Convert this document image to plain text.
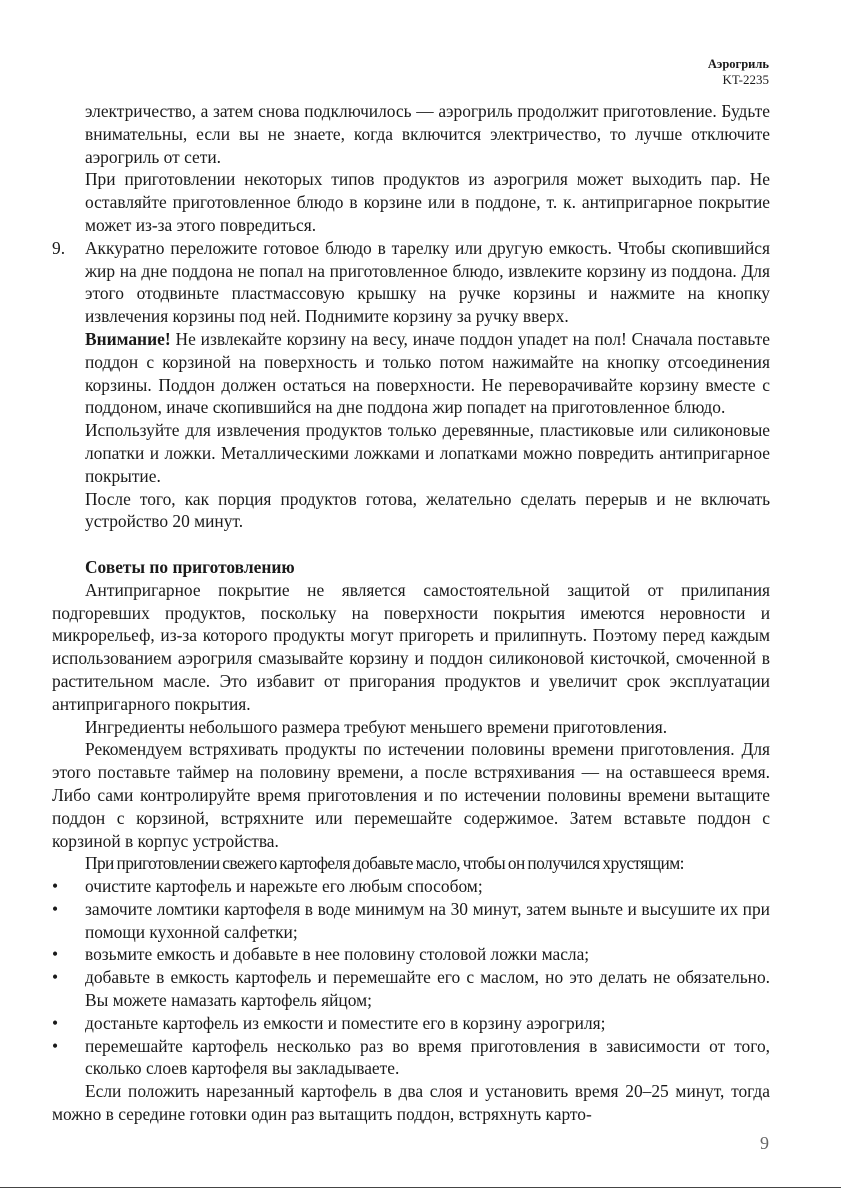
Аэрогриль
KT-2235

электричество, а затем снова подключилось — аэрогриль продолжит приготовление. Будьте внимательны, если вы не знаете, когда включится электричество, то лучше отключите аэрогриль от сети.

При приготовлении некоторых типов продуктов из аэрогриля может выходить пар. Не оставляйте приготовленное блюдо в корзине или в поддоне, т. к. антипригарное покрытие может из-за этого повредиться.

9. Аккуратно переложите готовое блюдо в тарелку или другую емкость. Чтобы скопившийся жир на дне поддона не попал на приготовленное блюдо, извлеките корзину из поддона. Для этого отодвиньте пластмассовую крышку на ручке корзины и нажмите на кнопку извлечения корзины под ней. Поднимите корзину за ручку вверх.

Внимание! Не извлекайте корзину на весу, иначе поддон упадет на пол! Сначала поставьте поддон с корзиной на поверхность и только потом нажимайте на кнопку отсоединения корзины. Поддон должен остаться на поверхности. Не переворачивайте корзину вместе с поддоном, иначе скопившийся на дне поддона жир попадет на приготовленное блюдо.

Используйте для извлечения продуктов только деревянные, пластиковые или силиконовые лопатки и ложки. Металлическими ложками и лопатками можно повредить антипригарное покрытие.

После того, как порция продуктов готова, желательно сделать перерыв и не включать устройство 20 минут.

Советы по приготовлению

Антипригарное покрытие не является самостоятельной защитой от прилипания подгоревших продуктов, поскольку на поверхности покрытия имеются неровности и микрорельеф, из-за которого продукты могут пригореть и прилипнуть. Поэтому перед каждым использованием аэрогриля смазывайте корзину и поддон силиконовой кисточкой, смоченной в растительном масле. Это избавит от пригорания продуктов и увеличит срок эксплуатации антипригарного покрытия.

Ингредиенты небольшого размера требуют меньшего времени приготовления.

Рекомендуем встряхивать продукты по истечении половины времени приготовления. Для этого поставьте таймер на половину времени, а после встряхивания — на оставшееся время. Либо сами контролируйте время приготовления и по истечении половины времени вытащите поддон с корзиной, встряхните или перемешайте содержимое. Затем вставьте поддон с корзиной в корпус устройства.

При приготовлении свежего картофеля добавьте масло, чтобы он получился хрустящим:

• очистите картофель и нарежьте его любым способом;

• замочите ломтики картофеля в воде минимум на 30 минут, затем выньте и высушите их при помощи кухонной салфетки;

• возьмите емкость и добавьте в нее половину столовой ложки масла;

• добавьте в емкость картофель и перемешайте его с маслом, но это делать не обязательно. Вы можете намазать картофель яйцом;

• достаньте картофель из емкости и поместите его в корзину аэрогриля;

• перемешайте картофель несколько раз во время приготовления в зависимости от того, сколько слоев картофеля вы закладываете.

Если положить нарезанный картофель в два слоя и установить время 20–25 минут, тогда можно в середине готовки один раз вытащить поддон, встряхнуть карто-

9
